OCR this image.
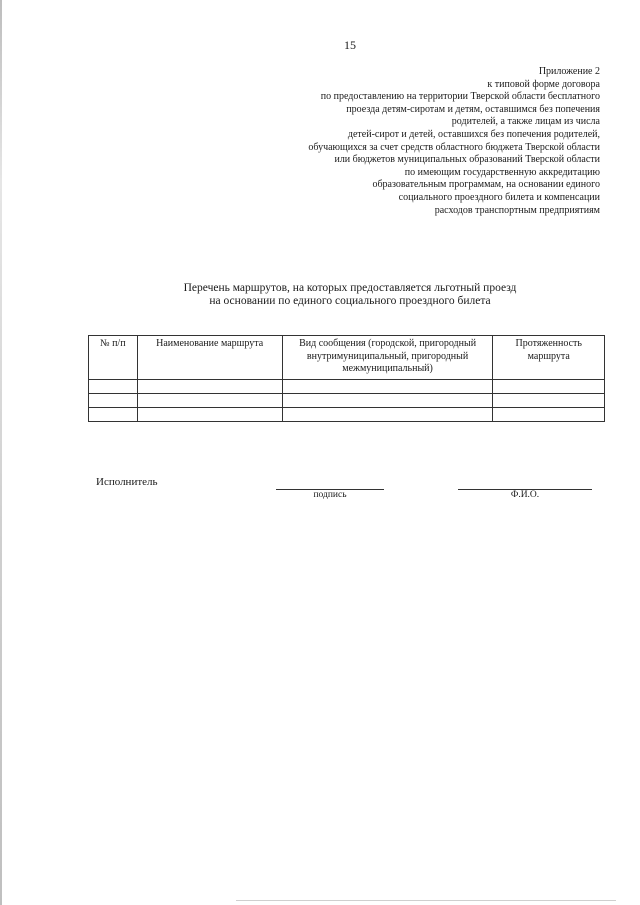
15
Приложение 2
к типовой форме договора
по предоставлению на территории Тверской области бесплатного
проезда детям-сиротам и детям, оставшимся без попечения
родителей, а также лицам из числа
детей-сирот и детей, оставшихся без попечения родителей,
обучающихся за счет средств областного бюджета Тверской области
или бюджетов муниципальных образований Тверской области
по имеющим государственную аккредитацию
образовательным программам, на основании единого
социального проездного билета и компенсации
расходов транспортным предприятиям
Перечень маршрутов, на которых предоставляется льготный проезд
на основании по единого социального проездного билета
№ п/п	Наименование маршрута	Вид сообщения (городской, пригородный внутримуниципальный, пригородный межмуниципальный)	Протяженность маршрута

Исполнитель
подпись	Ф.И.О.
